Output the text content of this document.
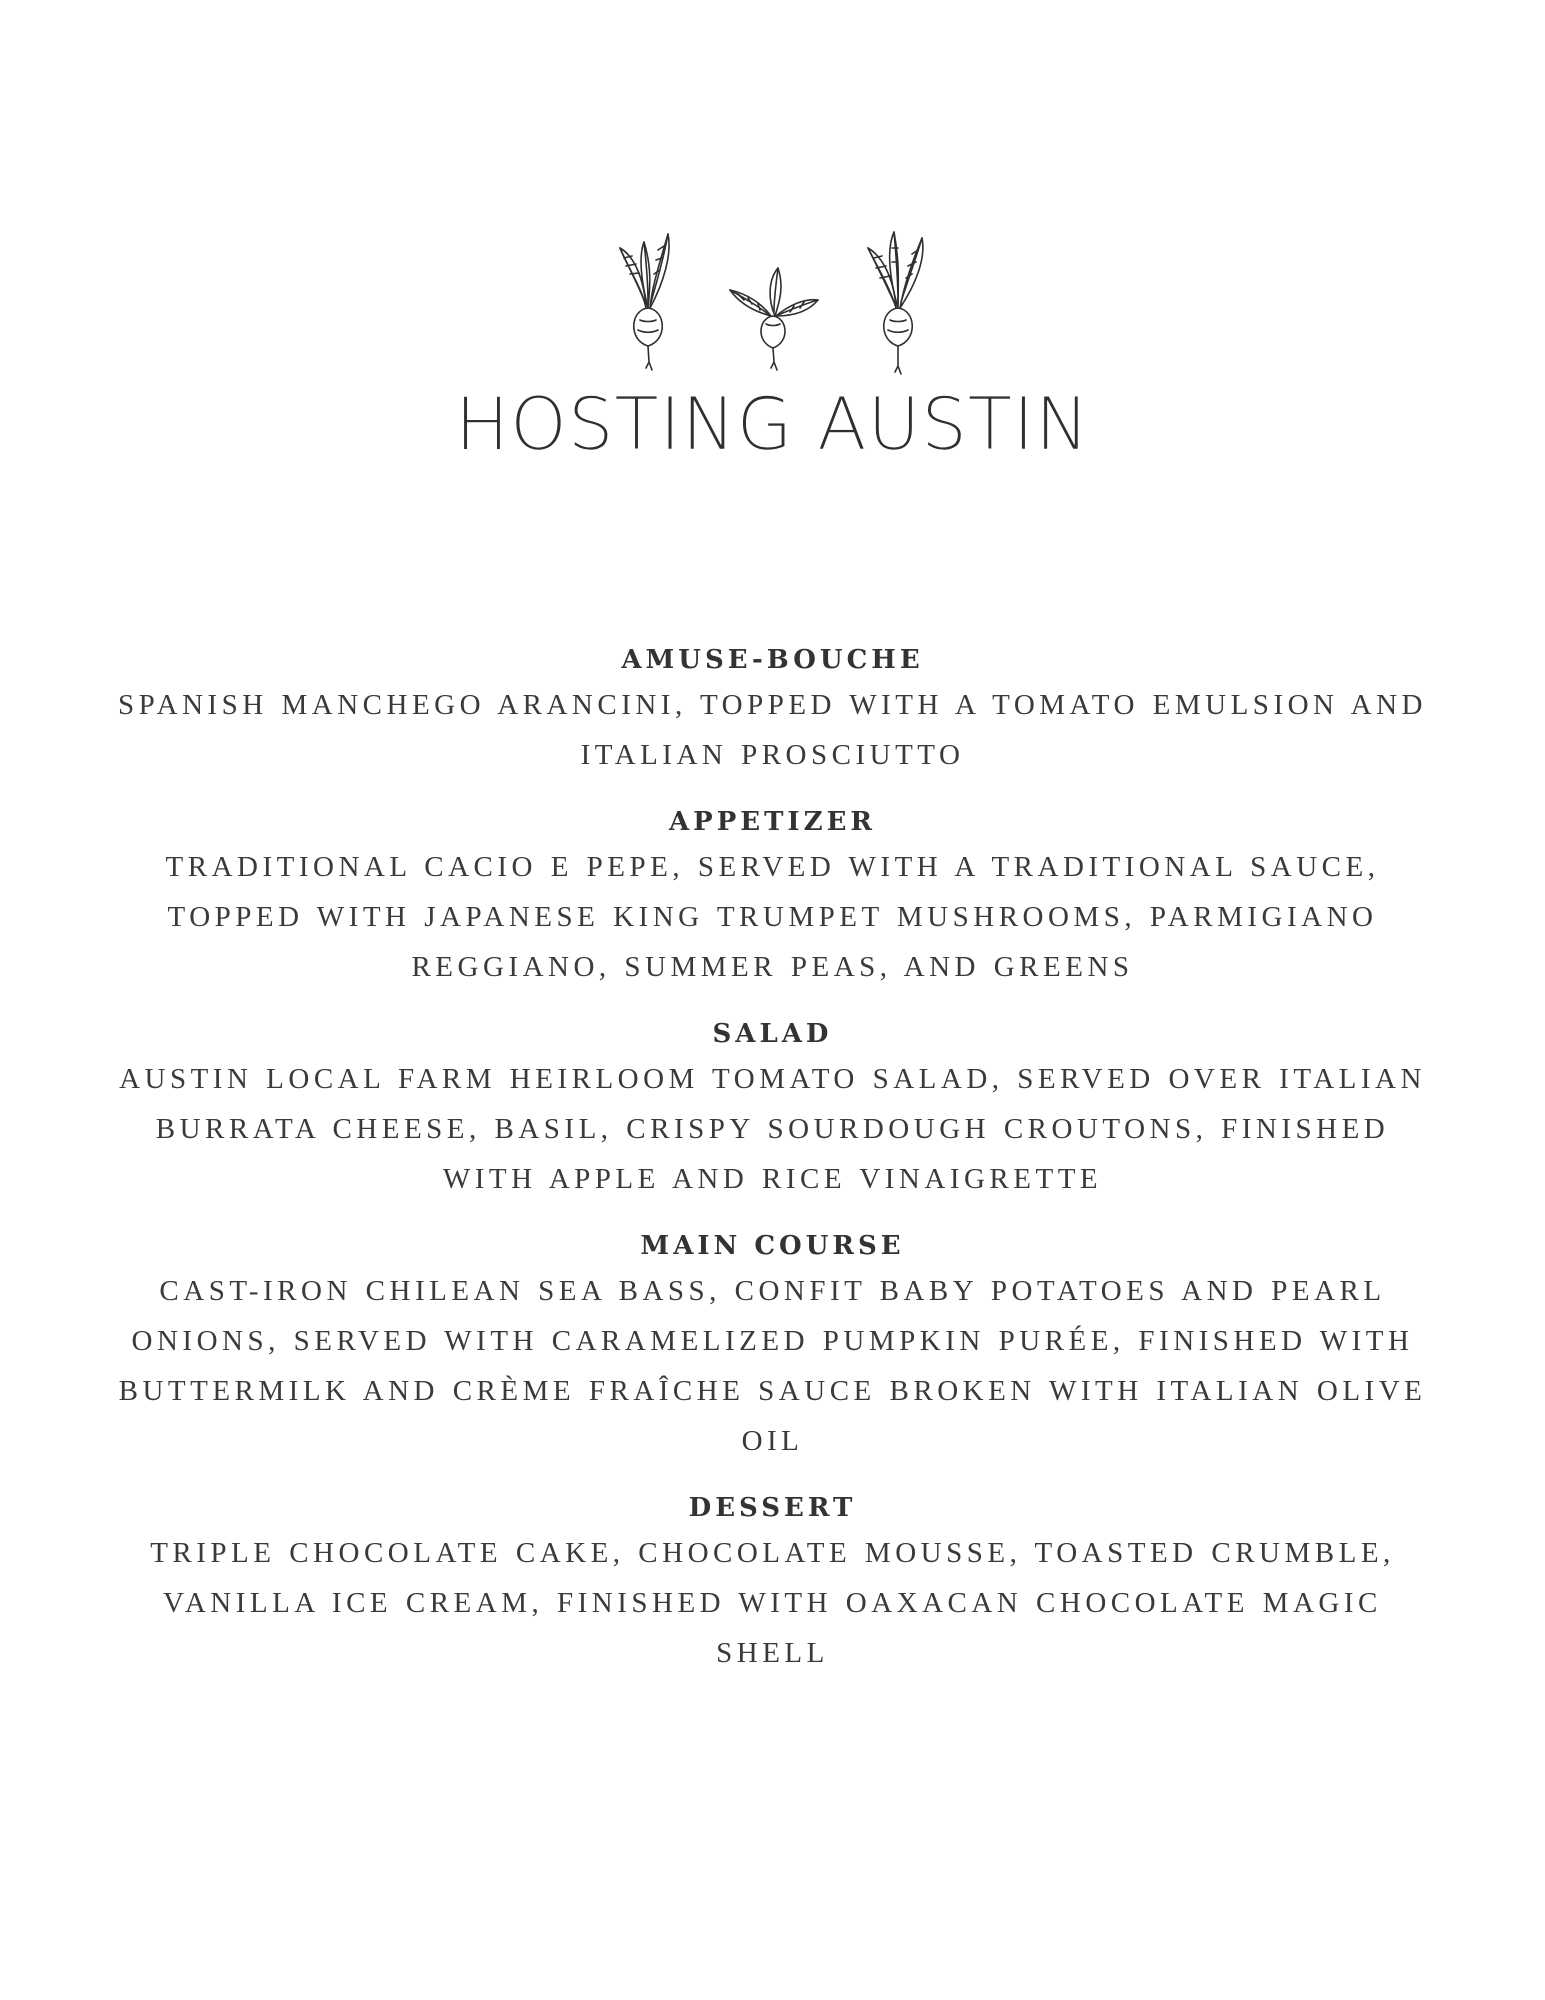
HOSTING AUSTIN
AMUSE-BOUCHE
SPANISH MANCHEGO ARANCINI, TOPPED WITH A TOMATO EMULSION AND ITALIAN PROSCIUTTO
APPETIZER
TRADITIONAL CACIO E PEPE, SERVED WITH A TRADITIONAL SAUCE, TOPPED WITH JAPANESE KING TRUMPET MUSHROOMS, PARMIGIANO REGGIANO, SUMMER PEAS, AND GREENS
SALAD
AUSTIN LOCAL FARM HEIRLOOM TOMATO SALAD, SERVED OVER ITALIAN BURRATA CHEESE, BASIL, CRISPY SOURDOUGH CROUTONS, FINISHED WITH APPLE AND RICE VINAIGRETTE
MAIN COURSE
CAST-IRON CHILEAN SEA BASS, CONFIT BABY POTATOES AND PEARL ONIONS, SERVED WITH CARAMELIZED PUMPKIN PURÉE, FINISHED WITH BUTTERMILK AND CRÈME FRAÎCHE SAUCE BROKEN WITH ITALIAN OLIVE OIL
DESSERT
TRIPLE CHOCOLATE CAKE, CHOCOLATE MOUSSE, TOASTED CRUMBLE, VANILLA ICE CREAM, FINISHED WITH OAXACAN CHOCOLATE MAGIC SHELL
